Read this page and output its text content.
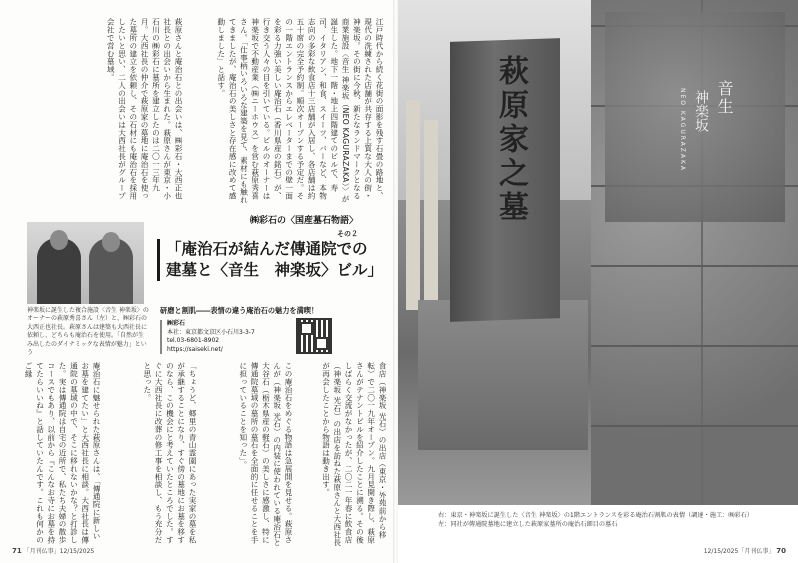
江戸時代から続く花街の面影を残す石畳の路地と、現代の洗練された店舗が共存する上質な大人の街・神楽坂。その街に今秋、新たなランドマークとなる商業施設〈音生 神楽坂（NEO KAGURAZAKA）〉が誕生した。地下一階・地上四階建てのビルで、寿司、イタリアン、和食、スイーツ、バーなど、本物志向の多彩な飲食店十三店舗が入居し、各店舗は約五十席の完全予約制。順次オープンする予定だ。その一階エントランスからエレベーターまでの壁一面を彩る力強い美しい庵治石（香川県産の銘石）が、行き交う人々の目を引いている。ビルのオーナーは神楽坂で不動産業（㈱ニーホウス）を営む萩原秀喜さん。「仕事柄いろいろな建築を見て、素材にも触れてきましたが、庵治石の美しさと存在感に改めて感動しました」と話す。
萩原さんと庵治石との出会いは、㈱彩石・大西正也社長との出会いから生まれた。萩原さんが東京・小石川の㈱彩石に墓所を建立したのは二〇一三年九月。大西社長の仲介で萩原家の墓地に庵治石を使った墓所の建立を依頼し、その石材にも庵治石を採用したいと思い、二人の出会いは大西社長がグループ会社で営む墓域。
㈱彩石の〈国産墓石物語〉
その２
「庵治石が結んだ傳通院での建墓と〈音生　神楽坂〉ビル」
研磨と割肌――表情の違う庵治石の魅力を満喫！
神楽坂に誕生した複合施設〈音生 神楽坂〉のオーナーの萩原秀喜さん（左）と、㈱彩石の大西正也社長。萩原さんは建築も大西社長に依頼し、どちらも庵治石を使用。「自然が生み出したのダイナミックな表情が魅力」という
㈱彩石
本社：東京都文京区小石川3-3-7
tel.03-6801-8902
https://saiseki.net/
食店（神楽坂 光石）の出店（東京・外苑前から移転）で二〇一九年オープン。九月見開き際し、萩原さんがテナントビルを紹介したことに溯る。その後しばらく交流がなかったが、二〇二一年春に飲食店（神楽坂 光石）の出店を訪ねた萩原さんと大西社長が再会したことから物語は動き出す。
この庵治石をめぐる物語は急展開を見せる。萩原さんが（神楽坂 光石）の内装に使われている庵治石と大谷石（栃木県産の軽石）の美しさに感激し、特に傳通院墓域の墓所の墓石を全面的に任せることを手に担っていることを知った」。
「ちょうど、郷里の青山霊園にあった実家の墓を私が承継することになり、すぐ傍の墓地にお墓を移すのなら、この機会にと考えていたところでした。すぐに大西社長に改葬の修工事を相談し、もう充分だと思った。
庵治石に魅せられた萩原さんは、「傳通院に新しいお墓を建てたい」と大西社長に相談。大西社長は傳通院の墓域の中で、そこに移れないかな？と打診した。実は傳通院は自宅の近所で、私たち夫婦の散歩コースでもあり、以前から『こんなお寺にお墓を持てたらいいね』と話していたんです。これも何かのご縁
71 「月刊仏事」12/15/2025
萩原家之墓	音生
神楽坂
NEO KAGURAZAKA
右：東京・神楽坂に誕生した〈音生 神楽坂〉の1階エントランスを彩る庵治石割肌の表情（調達・施工：㈱彩石）
左：同社が傳通院墓地に建立した萩原家墓所の庵治石細目の墓石
12/15/2025「月刊仏事」 70
